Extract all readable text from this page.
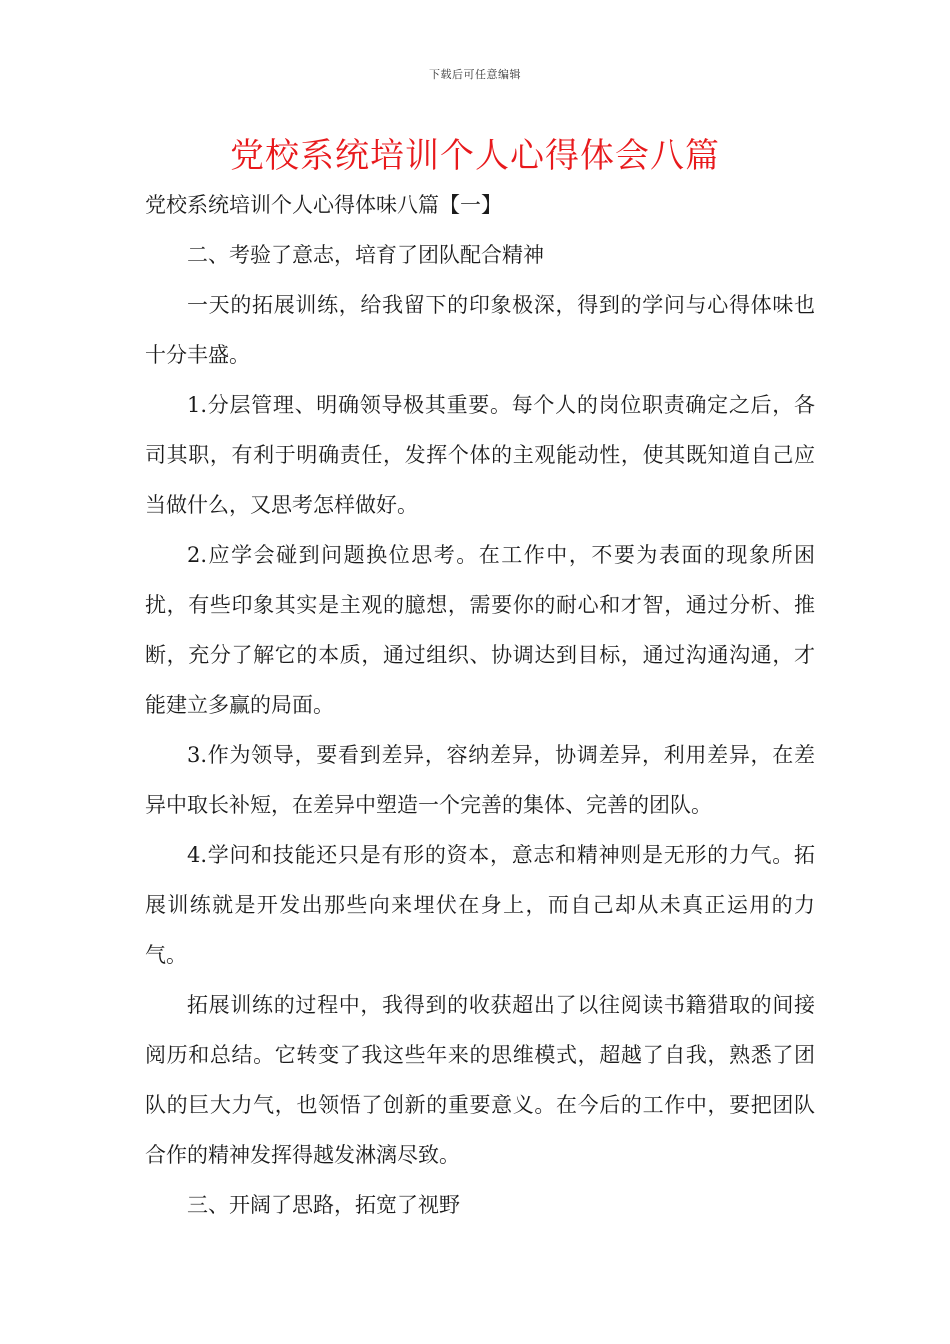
下载后可任意编辑
党校系统培训个人心得体会八篇

党校系统培训个人心得体味八篇【一】

二、考验了意志，培育了团队配合精神

一天的拓展训练，给我留下的印象极深，得到的学问与心得体味也十分丰盛。

1.分层管理、明确领导极其重要。每个人的岗位职责确定之后，各司其职，有利于明确责任，发挥个体的主观能动性，使其既知道自己应当做什么，又思考怎样做好。

2.应学会碰到问题换位思考。在工作中，不要为表面的现象所困扰，有些印象其实是主观的臆想，需要你的耐心和才智，通过分析、推断，充分了解它的本质，通过组织、协调达到目标，通过沟通沟通，才能建立多赢的局面。

3.作为领导，要看到差异，容纳差异，协调差异，利用差异，在差异中取长补短，在差异中塑造一个完善的集体、完善的团队。

4.学问和技能还只是有形的资本，意志和精神则是无形的力气。拓展训练就是开发出那些向来埋伏在身上，而自己却从未真正运用的力气。

拓展训练的过程中，我得到的收获超出了以往阅读书籍猎取的间接阅历和总结。它转变了我这些年来的思维模式，超越了自我，熟悉了团队的巨大力气，也领悟了创新的重要意义。在今后的工作中，要把团队合作的精神发挥得越发淋漓尽致。

三、开阔了思路，拓宽了视野
